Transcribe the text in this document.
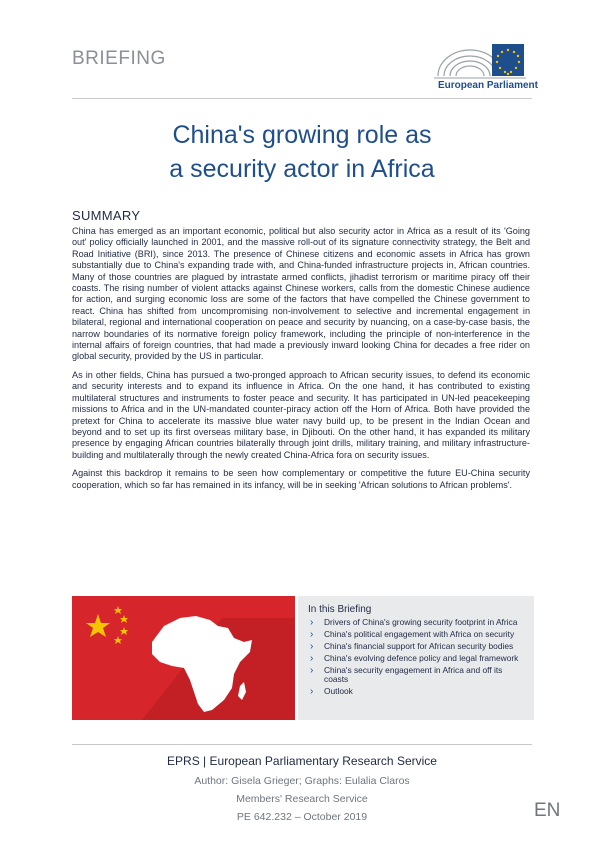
BRIEFING
European Parliament
China's growing role as
a security actor in Africa
SUMMARY

China has emerged as an important economic, political but also security actor in Africa as a result of its 'Going out' policy officially launched in 2001, and the massive roll-out of its signature connectivity strategy, the Belt and Road Initiative (BRI), since 2013. The presence of Chinese citizens and economic assets in Africa has grown substantially due to China's expanding trade with, and China-funded infrastructure projects in, African countries. Many of those countries are plagued by intrastate armed conflicts, jihadist terrorism or maritime piracy off their coasts. The rising number of violent attacks against Chinese workers, calls from the domestic Chinese audience for action, and surging economic loss are some of the factors that have compelled the Chinese government to react. China has shifted from uncompromising non-involvement to selective and incremental engagement in bilateral, regional and international cooperation on peace and security by nuancing, on a case-by-case basis, the narrow boundaries of its normative foreign policy framework, including the principle of non-interference in the internal affairs of foreign countries, that had made a previously inward looking China for decades a free rider on global security, provided by the US in particular.

As in other fields, China has pursued a two-pronged approach to African security issues, to defend its economic and security interests and to expand its influence in Africa. On the one hand, it has contributed to existing multilateral structures and instruments to foster peace and security. It has participated in UN-led peacekeeping missions to Africa and in the UN-mandated counter-piracy action off the Horn of Africa. Both have provided the pretext for China to accelerate its massive blue water navy build up, to be present in the Indian Ocean and beyond and to set up its first overseas military base, in Djibouti. On the other hand, it has expanded its military presence by engaging African countries bilaterally through joint drills, military training, and military infrastructure-building and multilaterally through the newly created China-Africa fora on security issues.

Against this backdrop it remains to be seen how complementary or competitive the future EU-China security cooperation, which so far has remained in its infancy, will be in seeking 'African solutions to African problems'.

In this Briefing
› Drivers of China's growing security footprint in Africa
› China's political engagement with Africa on security
› China's financial support for African security bodies
› China's evolving defence policy and legal framework
› China's security engagement in Africa and off its coasts
› Outlook
EPRS | European Parliamentary Research Service
Author: Gisela Grieger; Graphs: Eulalia Claros
Members' Research Service
PE 642.232 – October 2019	EN
